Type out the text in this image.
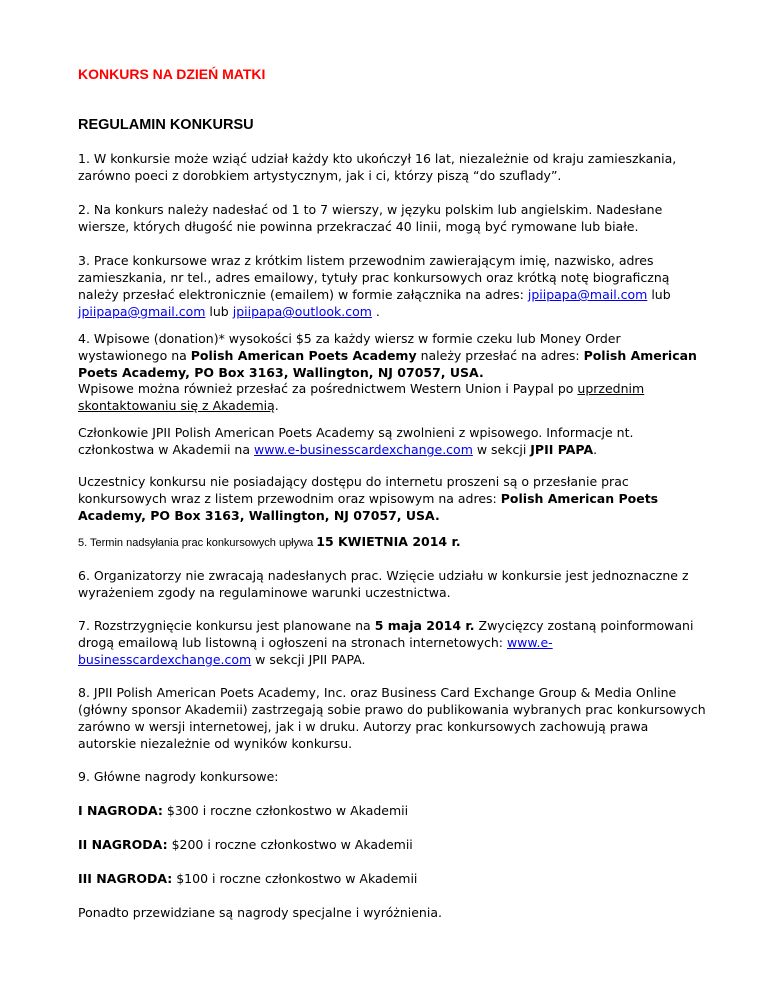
KONKURS NA DZIEŃ MATKI
REGULAMIN KONKURSU

1. W konkursie może wziąć udział każdy kto ukończył 16 lat, niezależnie od kraju zamieszkania, zarówno poeci z dorobkiem artystycznym, jak i ci, którzy piszą “do szuflady”.

2. Na konkurs należy nadesłać od 1 to 7 wierszy, w języku polskim lub angielskim. Nadesłane wiersze, których długość nie powinna przekraczać 40 linii, mogą być rymowane lub białe.

3. Prace konkursowe wraz z krótkim listem przewodnim zawierającym imię, nazwisko, adres zamieszkania, nr tel., adres emailowy, tytuły prac konkursowych oraz krótką notę biograficzną należy przesłać elektronicznie (emailem) w formie załącznika na adres: jpiipapa@mail.com lub jpiipapa@gmail.com lub jpiipapa@outlook.com .

4. Wpisowe (donation)* wysokości $5 za każdy wiersz w formie czeku lub Money Order wystawionego na Polish American Poets Academy należy przesłać na adres: Polish American Poets Academy, PO Box 3163, Wallington, NJ 07057, USA.

Wpisowe można również przesłać za pośrednictwem Western Union i Paypal po uprzednim skontaktowaniu się z Akademią.

Członkowie JPII Polish American Poets Academy są zwolnieni z wpisowego. Informacje nt. członkostwa w Akademii na www.e-businesscardexchange.com w sekcji JPII PAPA.

Uczestnicy konkursu nie posiadający dostępu do internetu proszeni są o przesłanie prac konkursowych wraz z listem przewodnim oraz wpisowym na adres: Polish American Poets Academy, PO Box 3163, Wallington, NJ 07057, USA.

5. Termin nadsyłania prac konkursowych upływa 15 KWIETNIA 2014 r.

6. Organizatorzy nie zwracają nadesłanych prac. Wzięcie udziału w konkursie jest jednoznaczne z wyrażeniem zgody na regulaminowe warunki uczestnictwa.

7. Rozstrzygnięcie konkursu jest planowane na 5 maja 2014 r. Zwycięzcy zostaną poinformowani drogą emailową lub listowną i ogłoszeni na stronach internetowych: www.e-businesscardexchange.com w sekcji JPII PAPA.

8. JPII Polish American Poets Academy, Inc. oraz Business Card Exchange Group & Media Online (główny sponsor Akademii) zastrzegają sobie prawo do publikowania wybranych prac konkursowych zarówno w wersji internetowej, jak i w druku. Autorzy prac konkursowych zachowują prawa autorskie niezależnie od wyników konkursu.

9. Główne nagrody konkursowe:

I NAGRODA: $300 i roczne członkostwo w Akademii

II NAGRODA: $200 i roczne członkostwo w Akademii

III NAGRODA: $100 i roczne członkostwo w Akademii

Ponadto przewidziane są nagrody specjalne i wyróżnienia.
